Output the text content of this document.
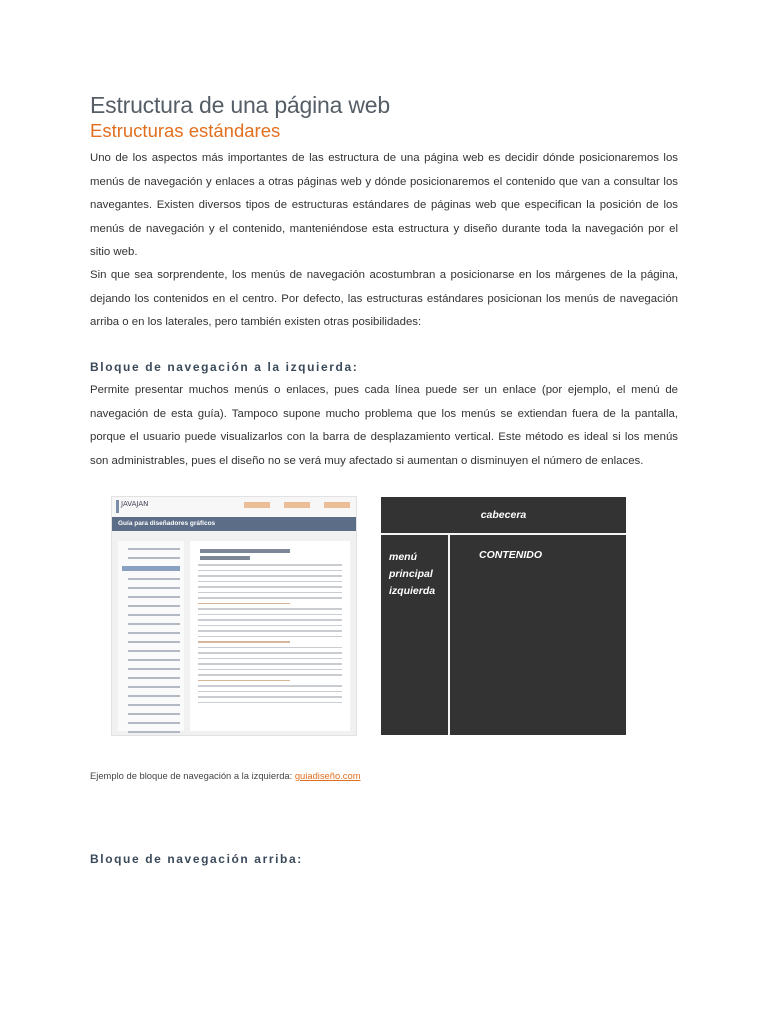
Estructura de una página web
Estructuras estándares

Uno de los aspectos más importantes de las estructura de una página web es decidir dónde posicionaremos los menús de navegación y enlaces a otras páginas web y dónde posicionaremos el contenido que van a consultar los navegantes. Existen diversos tipos de estructuras estándares de páginas web que especifican la posición de los menús de navegación y el contenido, manteniéndose esta estructura y diseño durante toda la navegación por el sitio web.

Sin que sea sorprendente, los menús de navegación acostumbran a posicionarse en los márgenes de la página, dejando los contenidos en el centro. Por defecto, las estructuras estándares posicionan los menús de navegación arriba o en los laterales, pero también existen otras posibilidades:

Bloque de navegación a la izquierda:

Permite presentar muchos menús o enlaces, pues cada línea puede ser un enlace (por ejemplo, el menú de navegación de esta guía). Tampoco supone mucho problema que los menús se extiendan fuera de la pantalla, porque el usuario puede visualizarlos con la barra de desplazamiento vertical. Este método es ideal si los menús son administrables, pues el diseño no se verá muy afectado si aumentan o disminuyen el número de enlaces.

Ejemplo de bloque de navegación a la izquierda: guiadiseño.com

Bloque de navegación arriba:
JAVAJAN
Guía para diseñadores gráficos
cabecera
menú
principal
izquierda
CONTENIDO
